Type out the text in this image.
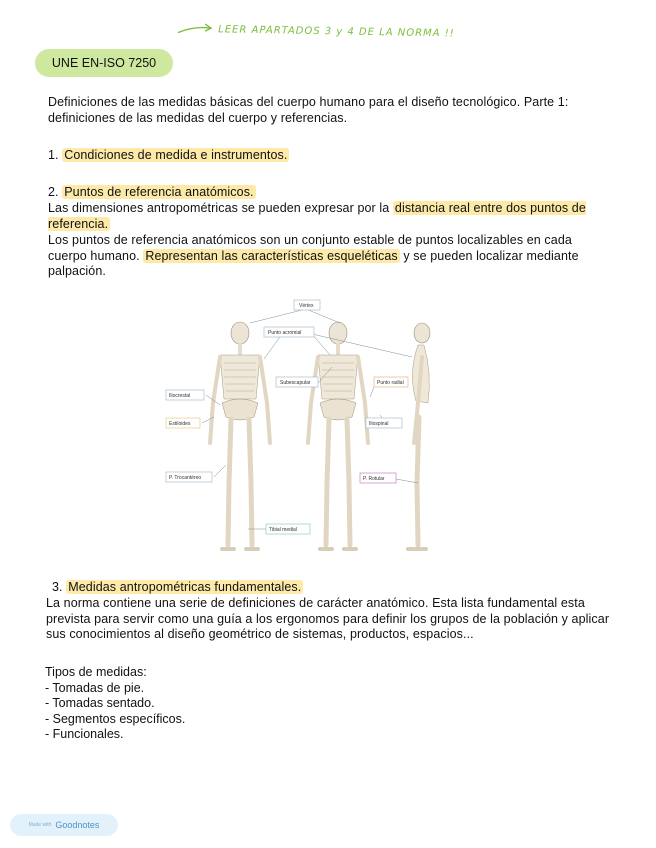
LEER APARTADOS 3 y 4 DE LA NORMA !!
UNE EN-ISO 7250
Definiciones de las medidas básicas del cuerpo humano para el diseño tecnológico. Parte 1: definiciones de las medidas del cuerpo y referencias.
1. Condiciones de medida e instrumentos.
2. Puntos de referencia anatómicos.
Las dimensiones antropométricas se pueden expresar por la distancia real entre dos puntos de referencia.
Los puntos de referencia anatómicos son un conjunto estable de puntos localizables en cada cuerpo humano. Representan las características esqueléticas y se pueden localizar mediante palpación.
Vértex
Punto acromial
Subescapular	Punto radial
Iliocrestal
Estiloides	Iliospinal
P. Trocantéreo	P. Rotular
Tibial medial
3. Medidas antropométricas fundamentales.
La norma contiene una serie de definiciones de carácter anatómico. Esta lista fundamental esta prevista para servir como una guía a los ergonomos para definir los grupos de la población y aplicar sus conocimientos al diseño geométrico de sistemas, productos, espacios...
Tipos de medidas:
- Tomadas de pie.
- Tomadas sentado.
- Segmentos específicos.
- Funcionales.
Made with Goodnotes
